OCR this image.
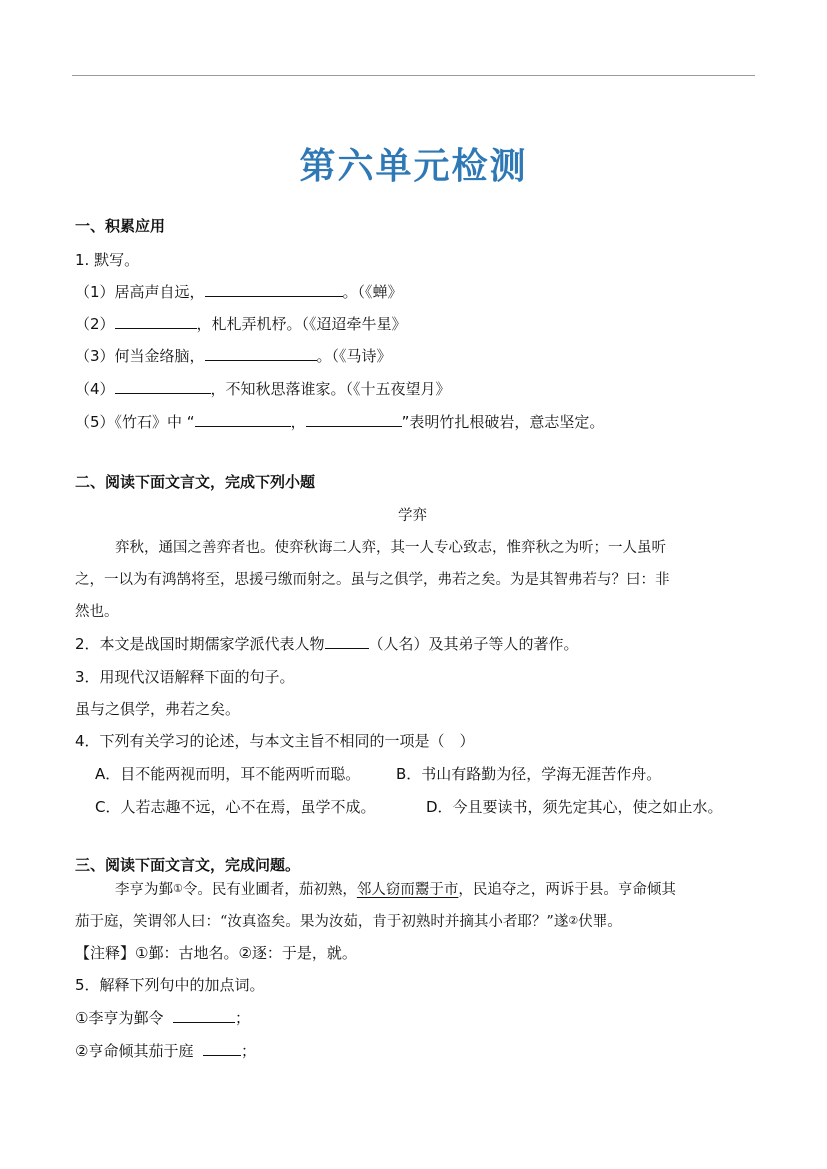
第六单元检测
一、积累应用
1. 默写。
（1）居高声自远，	。（《蝉》
（2）	，札札弄机杼。（《迢迢牵牛星》
（3）何当金络脑，	。（《马诗》
（4）	，不知秋思落谁家。（《十五夜望月》
（5）《竹石》中 “	，	”表明竹扎根破岩，意志坚定。
二、阅读下面文言文，完成下列小题
学弈
弈秋，通国之善弈者也。使弈秋诲二人弈，其一人专心致志，惟弈秋之为听；一人虽听
之，一以为有鸿鹄将至，思援弓缴而射之。虽与之俱学，弗若之矣。为是其智弗若与？曰：非
然也。
2．本文是战国时期儒家学派代表人物	（人名）及其弟子等人的著作。
3．用现代汉语解释下面的句子。
虽与之俱学，弗若之矣。
4．下列有关学习的论述，与本文主旨不相同的一项是（　）
A．目不能两视而明，耳不能两听而聪。 B．书山有路勤为径，学海无涯苦作舟。
C．人若志趣不远，心不在焉，虽学不成。	D．今且要读书，须先定其心，使之如止水。
三、阅读下面文言文，完成问题。
李亨为鄞①令。民有业圃者，茄初熟，邻人窃而鬻于市，民追夺之，两诉于县。亨命倾其
茄于庭，笑谓邻人曰：“汝真盗矣。果为汝茹，肯于初熟时并摘其小者耶？”遂②伏罪。
【注释】①鄞：古地名。②逐：于是，就。
5．解释下列句中的加点词。
①李亨为鄞令	；
②亨命倾其茄于庭	；
